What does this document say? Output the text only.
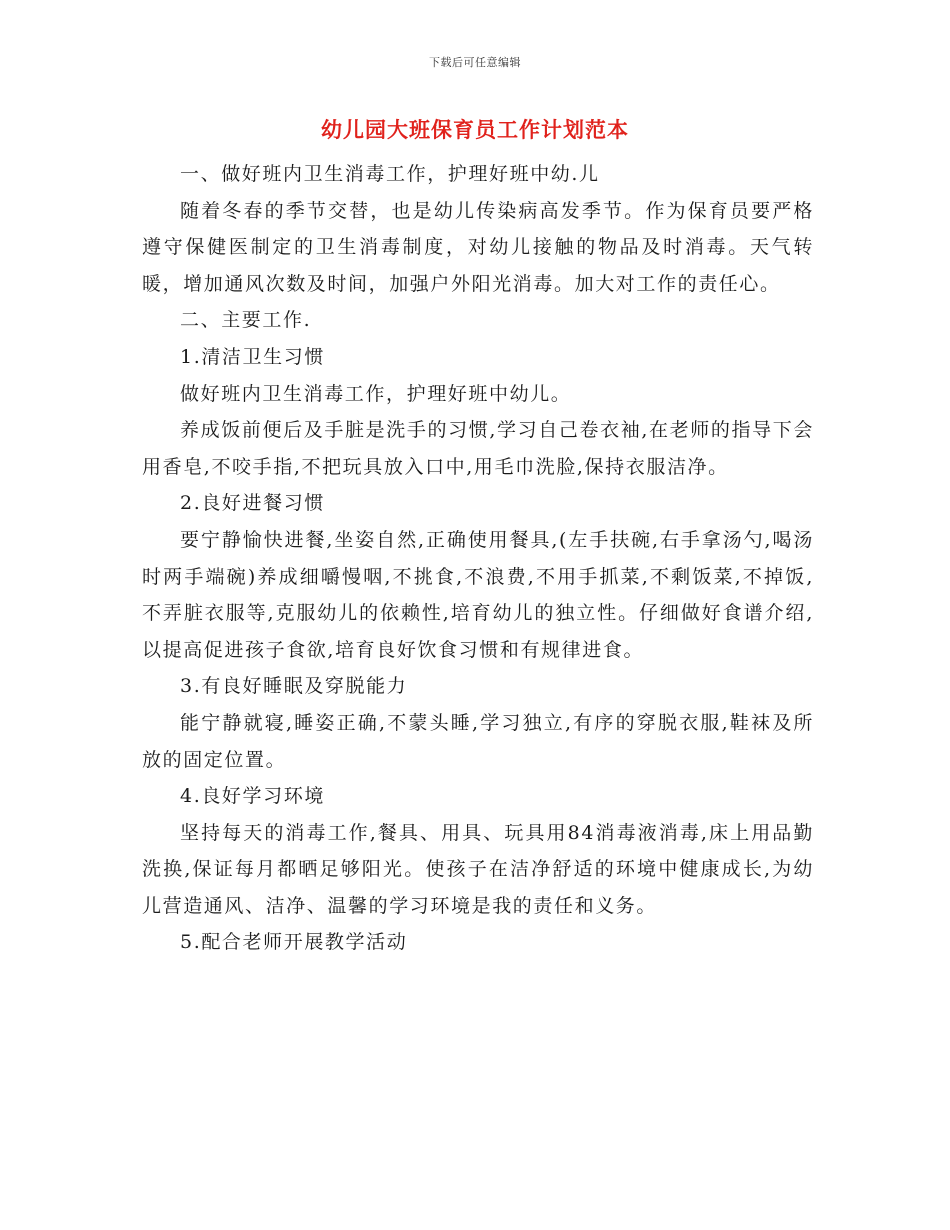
下载后可任意编辑
幼儿园大班保育员工作计划范本

一、做好班内卫生消毒工作，护理好班中幼.儿

随着冬春的季节交替，也是幼儿传染病高发季节。作为保育员要严格遵守保健医制定的卫生消毒制度，对幼儿接触的物品及时消毒。天气转暖，增加通风次数及时间，加强户外阳光消毒。加大对工作的责任心。

二、主要工作.

1.清洁卫生习惯

做好班内卫生消毒工作，护理好班中幼儿。

养成饭前便后及手脏是洗手的习惯,学习自己卷衣袖,在老师的指导下会用香皂,不咬手指,不把玩具放入口中,用毛巾洗脸,保持衣服洁净。

2.良好进餐习惯

要宁静愉快进餐,坐姿自然,正确使用餐具,(左手扶碗,右手拿汤勺,喝汤时两手端碗)养成细嚼慢咽,不挑食,不浪费,不用手抓菜,不剩饭菜,不掉饭,不弄脏衣服等,克服幼儿的依赖性,培育幼儿的独立性。仔细做好食谱介绍,以提高促进孩子食欲,培育良好饮食习惯和有规律进食。

3.有良好睡眠及穿脱能力

能宁静就寝,睡姿正确,不蒙头睡,学习独立,有序的穿脱衣服,鞋袜及所放的固定位置。

4.良好学习环境

坚持每天的消毒工作,餐具、用具、玩具用84消毒液消毒,床上用品勤洗换,保证每月都晒足够阳光。使孩子在洁净舒适的环境中健康成长,为幼儿营造通风、洁净、温馨的学习环境是我的责任和义务。

5.配合老师开展教学活动
